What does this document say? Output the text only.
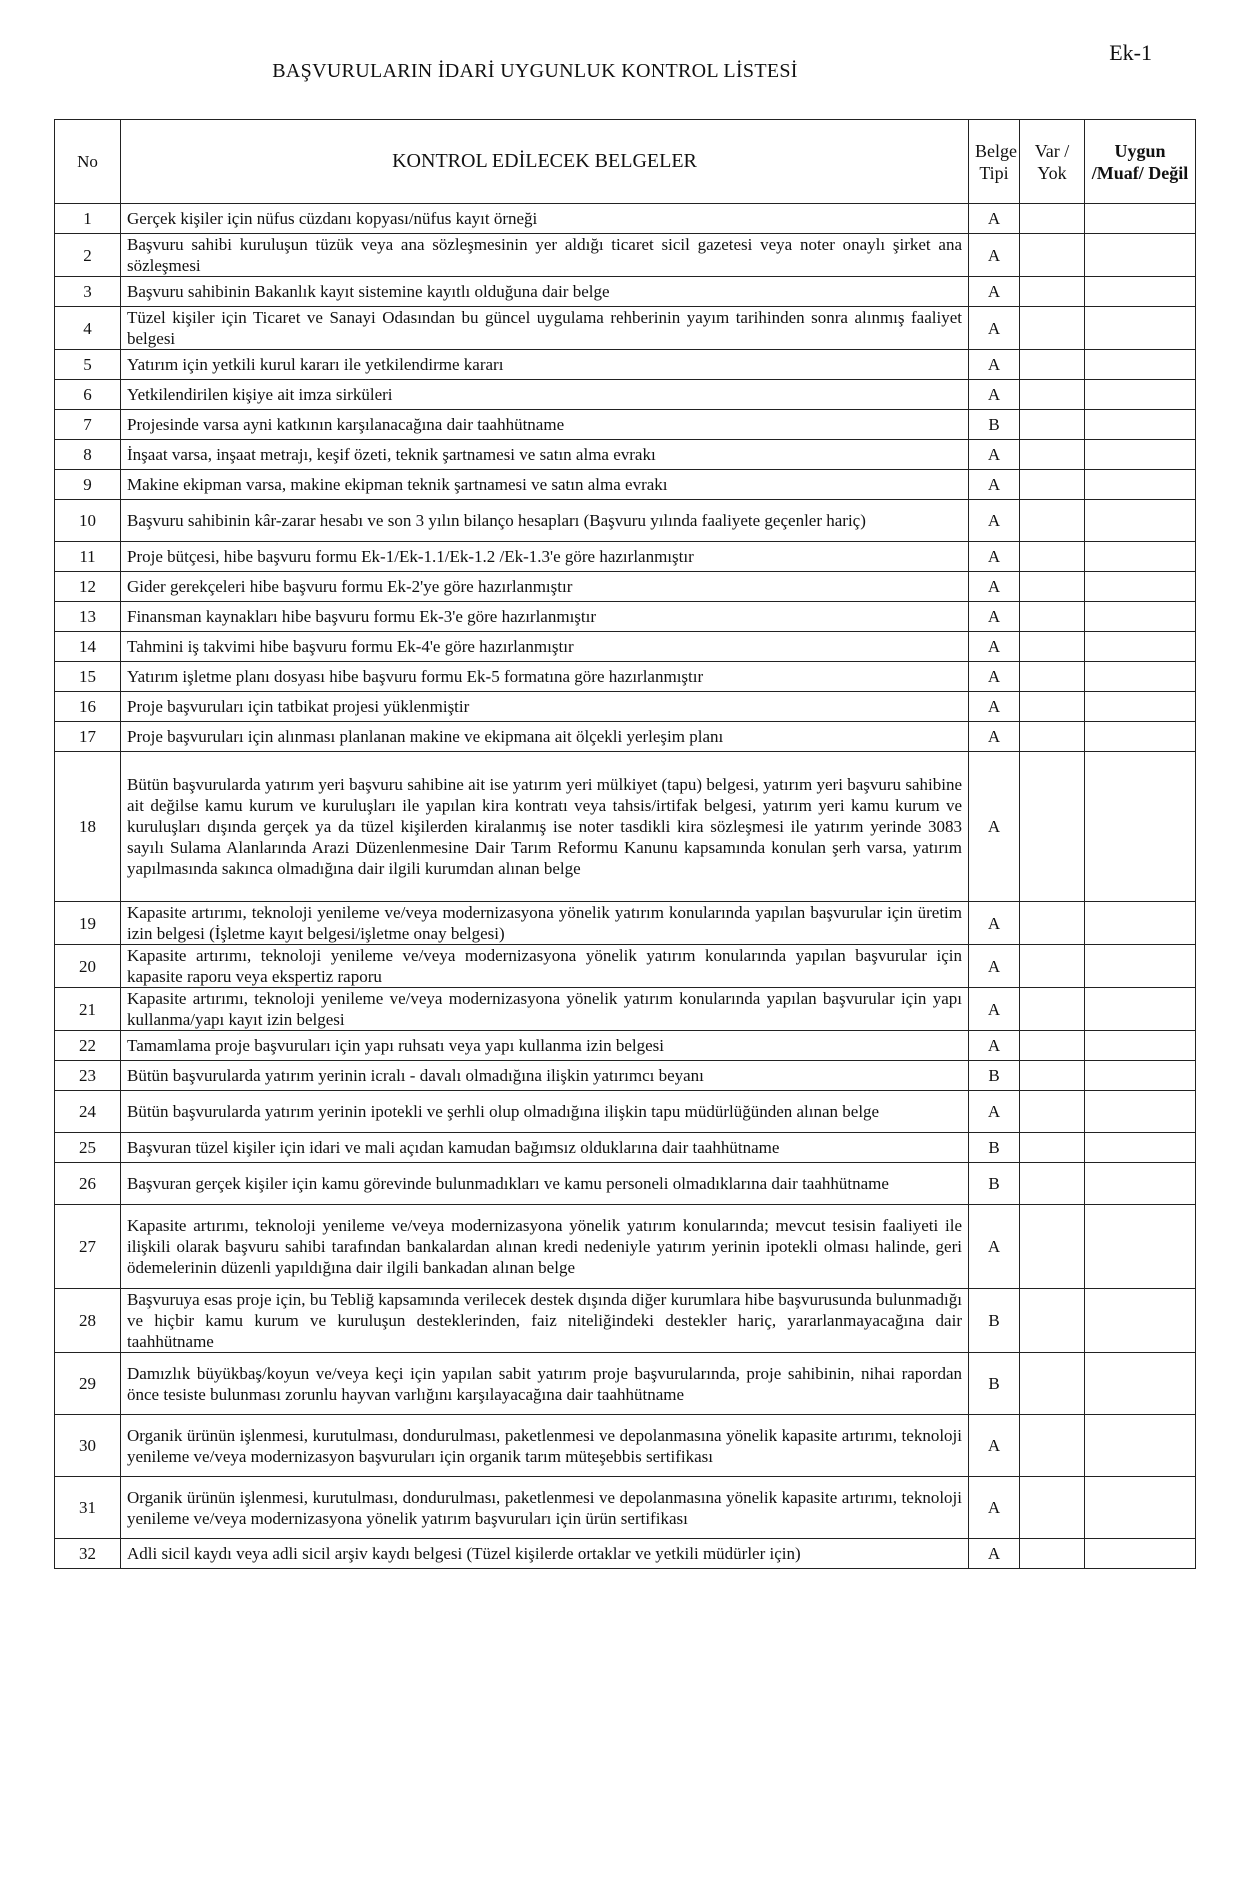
Ek-1
BAŞVURULARIN İDARİ UYGUNLUK KONTROL LİSTESİ
No	KONTROL EDİLECEK BELGELER	Belge Tipi	Var / Yok	Uygun /Muaf/ Değil
1	Gerçek kişiler için nüfus cüzdanı kopyası/nüfus kayıt örneği	A		
2	Başvuru sahibi kuruluşun tüzük veya ana sözleşmesinin yer aldığı ticaret sicil gazetesi veya noter onaylı şirket ana sözleşmesi	A		
3	Başvuru sahibinin Bakanlık kayıt sistemine kayıtlı olduğuna dair belge	A		
4	Tüzel kişiler için Ticaret ve Sanayi Odasından bu güncel uygulama rehberinin yayım tarihinden sonra alınmış faaliyet belgesi	A		
5	Yatırım için yetkili kurul kararı ile yetkilendirme kararı	A		
6	Yetkilendirilen kişiye ait imza sirküleri	A		
7	Projesinde varsa ayni katkının karşılanacağına dair taahhütname	B		
8	İnşaat varsa, inşaat metrajı, keşif özeti, teknik şartnamesi ve satın alma evrakı	A		
9	Makine ekipman varsa, makine ekipman teknik şartnamesi ve satın alma evrakı	A		
10	Başvuru sahibinin kâr-zarar hesabı ve son 3 yılın bilanço hesapları (Başvuru yılında faaliyete geçenler hariç)	A		
11	Proje bütçesi, hibe başvuru formu Ek-1/Ek-1.1/Ek-1.2 /Ek-1.3'e göre hazırlanmıştır	A		
12	Gider gerekçeleri hibe başvuru formu Ek-2'ye göre hazırlanmıştır	A		
13	Finansman kaynakları hibe başvuru formu Ek-3'e göre hazırlanmıştır	A		
14	Tahmini iş takvimi hibe başvuru formu Ek-4'e göre hazırlanmıştır	A		
15	Yatırım işletme planı dosyası hibe başvuru formu Ek-5 formatına göre hazırlanmıştır	A		
16	Proje başvuruları için tatbikat projesi yüklenmiştir	A		
17	Proje başvuruları için alınması planlanan makine ve ekipmana ait ölçekli yerleşim planı	A		
18	Bütün başvurularda yatırım yeri başvuru sahibine ait ise yatırım yeri mülkiyet (tapu) belgesi, yatırım yeri başvuru sahibine ait değilse kamu kurum ve kuruluşları ile yapılan kira kontratı veya tahsis/irtifak belgesi, yatırım yeri kamu kurum ve kuruluşları dışında gerçek ya da tüzel kişilerden kiralanmış ise noter tasdikli kira sözleşmesi ile yatırım yerinde 3083 sayılı Sulama Alanlarında Arazi Düzenlenmesine Dair Tarım Reformu Kanunu kapsamında konulan şerh varsa, yatırım yapılmasında sakınca olmadığına dair ilgili kurumdan alınan belge	A		
19	Kapasite artırımı, teknoloji yenileme ve/veya modernizasyona yönelik yatırım konularında yapılan başvurular için üretim izin belgesi (İşletme kayıt belgesi/işletme onay belgesi)	A		
20	Kapasite artırımı, teknoloji yenileme ve/veya modernizasyona yönelik yatırım konularında yapılan başvurular için kapasite raporu veya ekspertiz raporu	A		
21	Kapasite artırımı, teknoloji yenileme ve/veya modernizasyona yönelik yatırım konularında yapılan başvurular için yapı kullanma/yapı kayıt izin belgesi	A		
22	Tamamlama proje başvuruları için yapı ruhsatı veya yapı kullanma izin belgesi	A		
23	Bütün başvurularda yatırım yerinin icralı - davalı olmadığına ilişkin yatırımcı beyanı	B		
24	Bütün başvurularda yatırım yerinin ipotekli ve şerhli olup olmadığına ilişkin tapu müdürlüğünden alınan belge	A		
25	Başvuran tüzel kişiler için idari ve mali açıdan kamudan bağımsız olduklarına dair taahhütname	B		
26	Başvuran gerçek kişiler için kamu görevinde bulunmadıkları ve kamu personeli olmadıklarına dair taahhütname	B		
27	Kapasite artırımı, teknoloji yenileme ve/veya modernizasyona yönelik yatırım konularında; mevcut tesisin faaliyeti ile ilişkili olarak başvuru sahibi tarafından bankalardan alınan kredi nedeniyle yatırım yerinin ipotekli olması halinde, geri ödemelerinin düzenli yapıldığına dair ilgili bankadan alınan belge	A		
28	Başvuruya esas proje için, bu Tebliğ kapsamında verilecek destek dışında diğer kurumlara hibe başvurusunda bulunmadığı ve hiçbir kamu kurum ve kuruluşun desteklerinden, faiz niteliğindeki destekler hariç, yararlanmayacağına dair taahhütname	B		
29	Damızlık büyükbaş/koyun ve/veya keçi için yapılan sabit yatırım proje başvurularında, proje sahibinin, nihai rapordan önce tesiste bulunması zorunlu hayvan varlığını karşılayacağına dair taahhütname	B		
30	Organik ürünün işlenmesi, kurutulması, dondurulması, paketlenmesi ve depolanmasına yönelik kapasite artırımı, teknoloji yenileme ve/veya modernizasyon başvuruları için organik tarım müteşebbis sertifikası	A		
31	Organik ürünün işlenmesi, kurutulması, dondurulması, paketlenmesi ve depolanmasına yönelik kapasite artırımı, teknoloji yenileme ve/veya modernizasyona yönelik yatırım başvuruları için ürün sertifikası	A		
32	Adli sicil kaydı veya adli sicil arşiv kaydı belgesi (Tüzel kişilerde ortaklar ve yetkili müdürler için)	A		
